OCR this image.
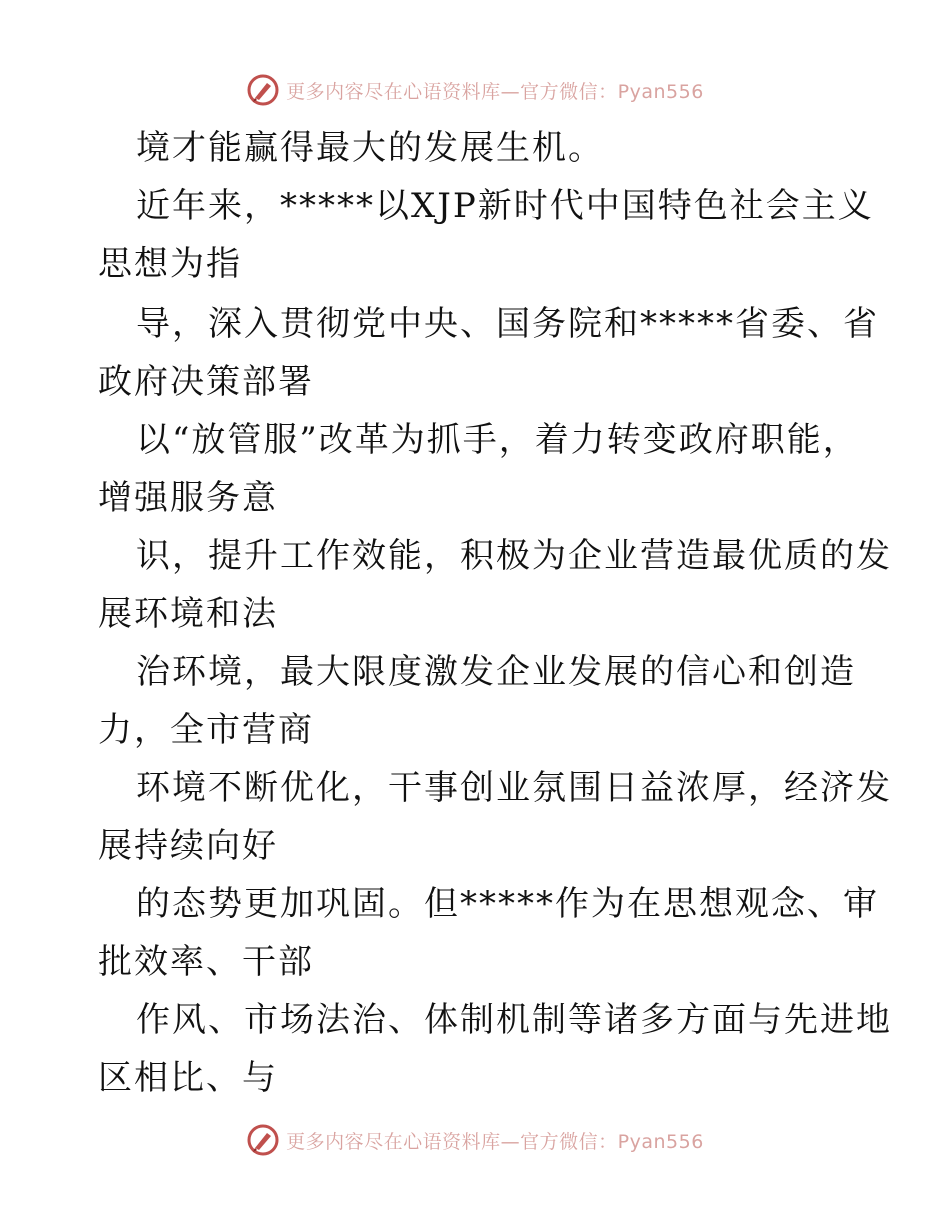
更多内容尽在心语资料库—官方微信：Pyan556
境才能赢得最大的发展生机。
近年来，*****以XJP新时代中国特色社会主义
思想为指
导，深入贯彻党中央、国务院和*****省委、省
政府决策部署
以“放管服”改革为抓手，着力转变政府职能，
增强服务意
识，提升工作效能，积极为企业营造最优质的发
展环境和法
治环境，最大限度激发企业发展的信心和创造
力，全市营商
环境不断优化，干事创业氛围日益浓厚，经济发
展持续向好
的态势更加巩固。但*****作为在思想观念、审
批效率、干部
作风、市场法治、体制机制等诸多方面与先进地
区相比、与
更多内容尽在心语资料库—官方微信：Pyan556
